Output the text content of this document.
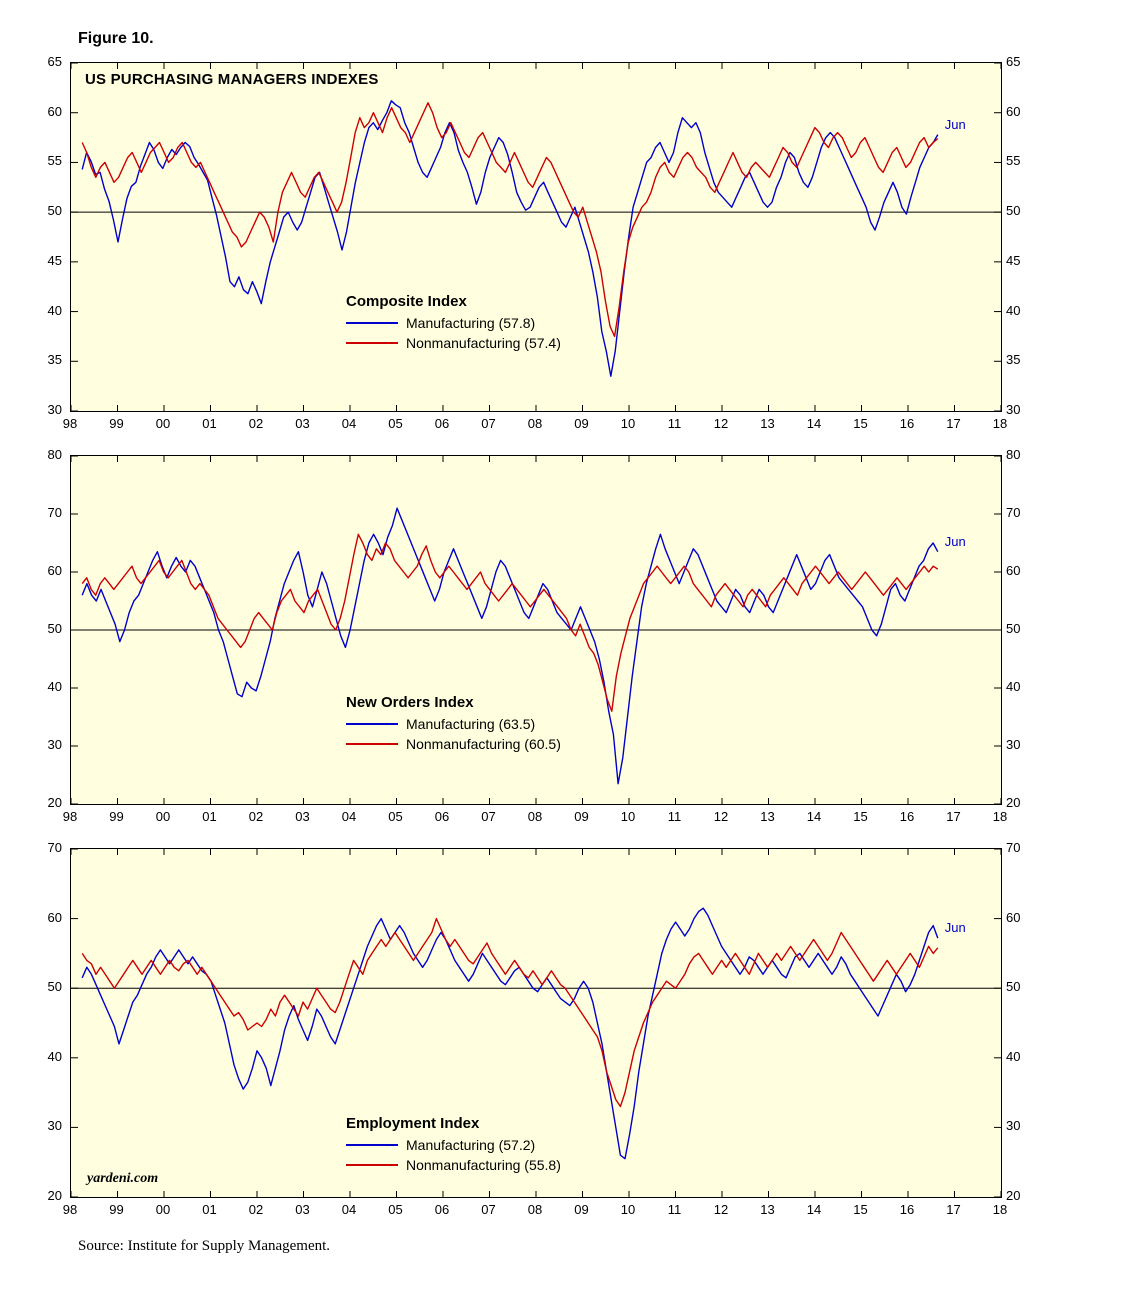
Figure 10.
US PURCHASING MANAGERS INDEXES
Composite Index
Manufacturing (57.8)
Nonmanufacturing (57.4)
New Orders Index
Manufacturing (63.5)
Nonmanufacturing (60.5)
Employment Index
Manufacturing (57.2)
Nonmanufacturing (55.8)
yardeni.com
Source: Institute for Supply Management.
30	30
35	35
40	40
45	45
50	50
55	55
60	60
65	65
98	99	00	01	02	03	04	05	06	07	08	09	10	11	12	13	14	15	16	17	18
Jun
20	20
30	30
40	40
50	50
60	60
70	70
80	80
98	99	00	01	02	03	04	05	06	07	08	09	10	11	12	13	14	15	16	17	18
Jun
20	20
30	30
40	40
50	50
60	60
70	70
98	99	00	01	02	03	04	05	06	07	08	09	10	11	12	13	14	15	16	17	18
Jun
